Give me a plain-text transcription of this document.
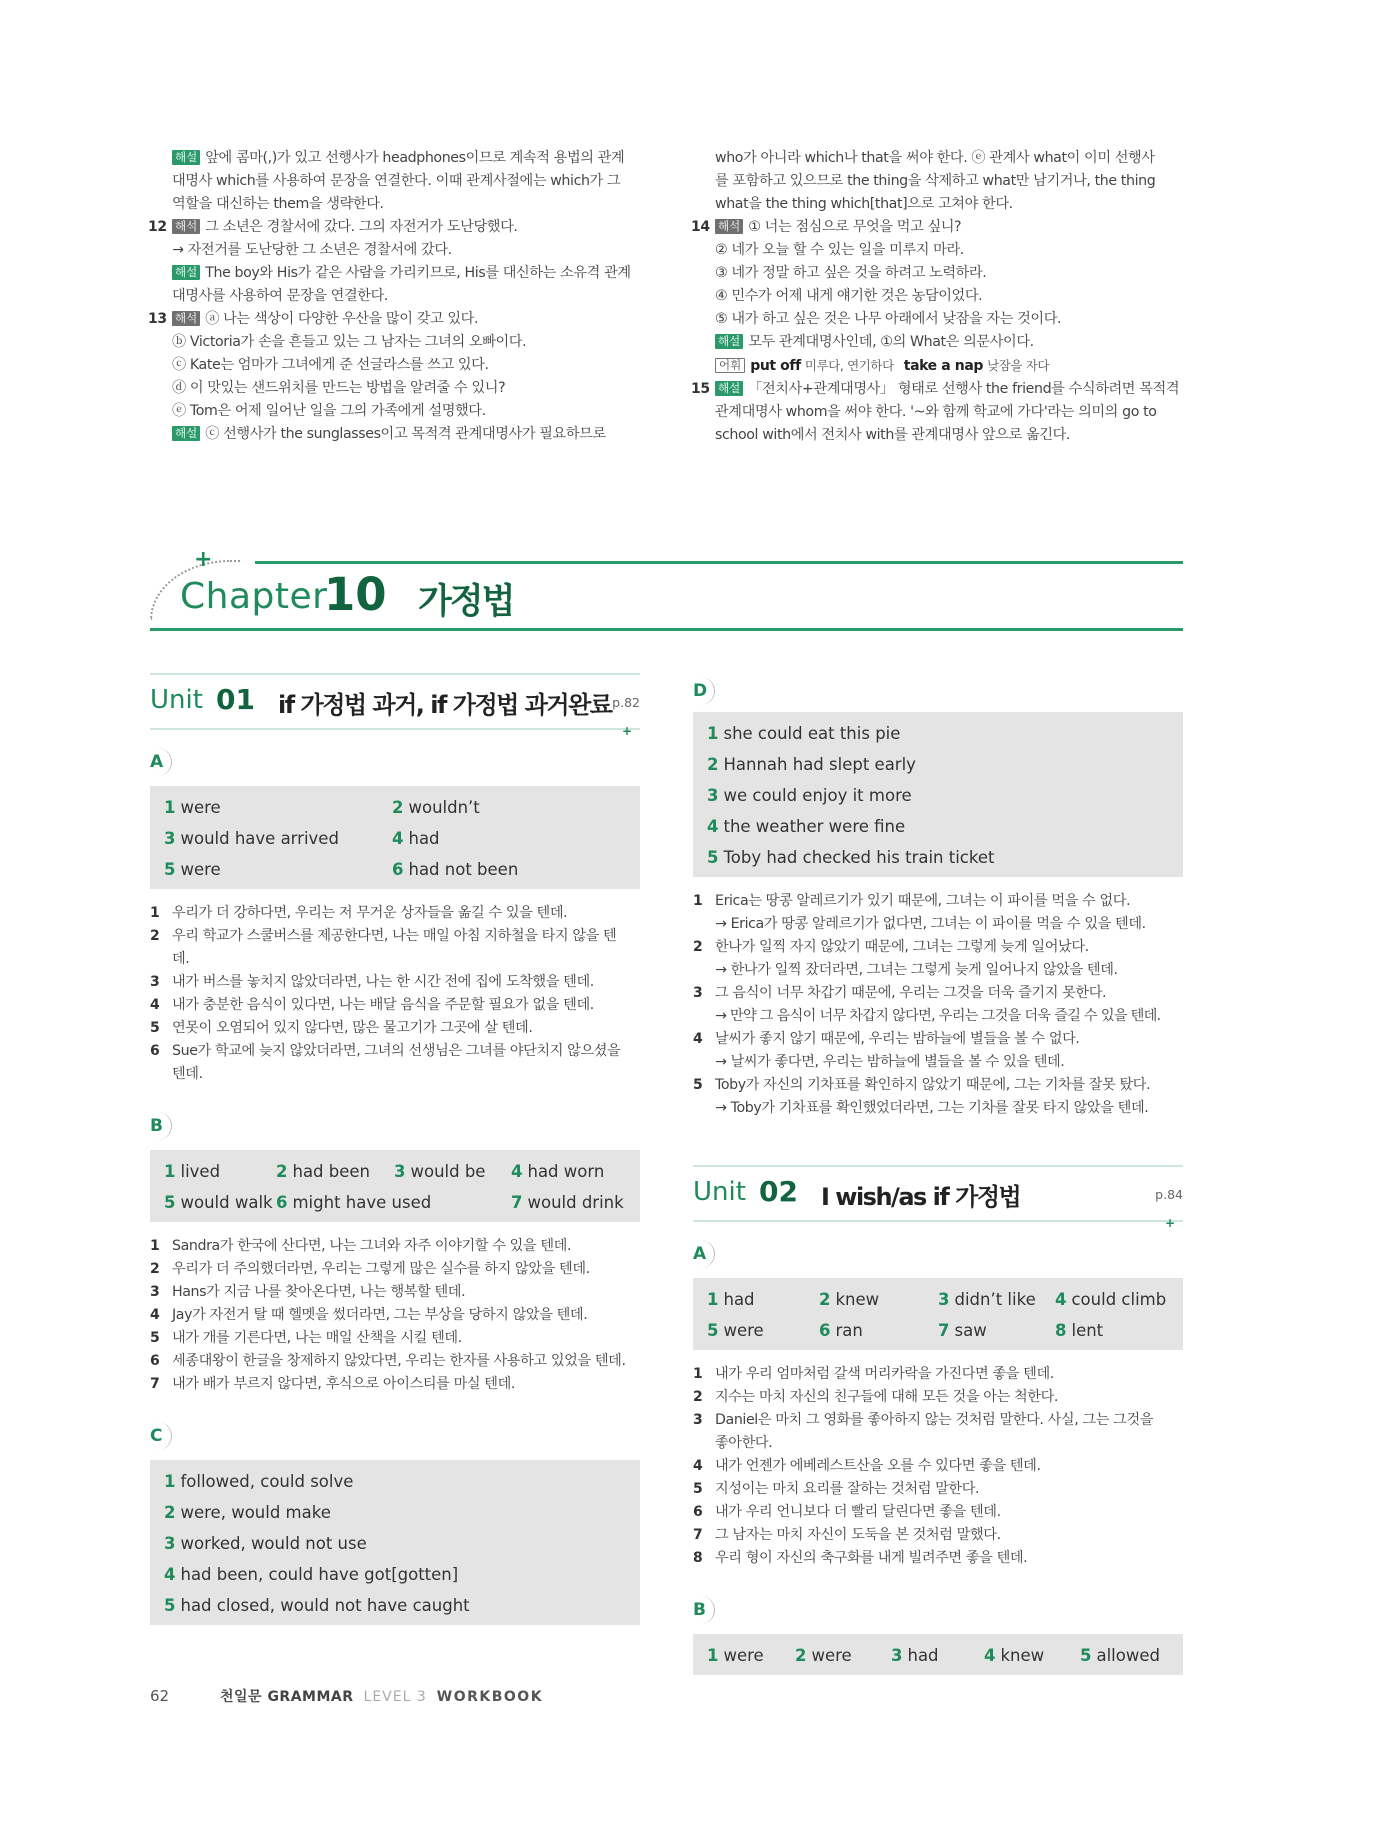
해설 앞에 콤마(,)가 있고 선행사가 headphones이므로 계속적 용법의 관계
대명사 which를 사용하여 문장을 연결한다. 이때 관계사절에는 which가 그
역할을 대신하는 them을 생략한다.
12 해석 그 소년은 경찰서에 갔다. 그의 자전거가 도난당했다.
→ 자전거를 도난당한 그 소년은 경찰서에 갔다.
해설 The boy와 His가 같은 사람을 가리키므로, His를 대신하는 소유격 관계
대명사를 사용하여 문장을 연결한다.
13 해석 ⓐ 나는 색상이 다양한 우산을 많이 갖고 있다.
ⓑ Victoria가 손을 흔들고 있는 그 남자는 그녀의 오빠이다.
ⓒ Kate는 엄마가 그녀에게 준 선글라스를 쓰고 있다.
ⓓ 이 맛있는 샌드위치를 만드는 방법을 알려줄 수 있니?
ⓔ Tom은 어제 일어난 일을 그의 가족에게 설명했다.
해설 ⓒ 선행사가 the sunglasses이고 목적격 관계대명사가 필요하므로
who가 아니라 which나 that을 써야 한다. ⓔ 관계사 what이 이미 선행사
를 포함하고 있으므로 the thing을 삭제하고 what만 남기거나, the thing
what을 the thing which[that]으로 고쳐야 한다.
14 해석 ① 너는 점심으로 무엇을 먹고 싶니?
② 네가 오늘 할 수 있는 일을 미루지 마라.
③ 네가 정말 하고 싶은 것을 하려고 노력하라.
④ 민수가 어제 내게 얘기한 것은 농담이었다.
⑤ 내가 하고 싶은 것은 나무 아래에서 낮잠을 자는 것이다.
해설 모두 관계대명사인데, ①의 What은 의문사이다.
어휘 put off 미루다, 연기하다 take a nap 낮잠을 자다
15 해설 「전치사+관계대명사」 형태로 선행사 the friend를 수식하려면 목적격
관계대명사 whom을 써야 한다. '~와 함께 학교에 가다'라는 의미의 go to
school with에서 전치사 with를 관계대명사 앞으로 옮긴다.
+
Chapter
10 가정법
Unit 01 if 가정법 과거, if 가정법 과거완료 p.82
+
A
1 were	2 wouldn’t
3 would have arrived	4 had
5 were	6 had not been
1 우리가 더 강하다면, 우리는 저 무거운 상자들을 옮길 수 있을 텐데.
2 우리 학교가 스쿨버스를 제공한다면, 나는 매일 아침 지하철을 타지 않을 텐
데.
3 내가 버스를 놓치지 않았더라면, 나는 한 시간 전에 집에 도착했을 텐데.
4 내가 충분한 음식이 있다면, 나는 배달 음식을 주문할 필요가 없을 텐데.
5 연못이 오염되어 있지 않다면, 많은 물고기가 그곳에 살 텐데.
6 Sue가 학교에 늦지 않았더라면, 그녀의 선생님은 그녀를 야단치지 않으셨을
텐데.
B
1 lived	2 had been	3 would be	4 had worn
5 would walk 6 might have used	7 would drink
1 Sandra가 한국에 산다면, 나는 그녀와 자주 이야기할 수 있을 텐데.
2 우리가 더 주의했더라면, 우리는 그렇게 많은 실수를 하지 않았을 텐데.
3 Hans가 지금 나를 찾아온다면, 나는 행복할 텐데.
4 Jay가 자전거 탈 때 헬멧을 썼더라면, 그는 부상을 당하지 않았을 텐데.
5 내가 개를 기른다면, 나는 매일 산책을 시킬 텐데.
6 세종대왕이 한글을 창제하지 않았다면, 우리는 한자를 사용하고 있었을 텐데.
7 내가 배가 부르지 않다면, 후식으로 아이스티를 마실 텐데.
C
1 followed, could solve
2 were, would make
3 worked, would not use
4 had been, could have got[gotten]
5 had closed, would not have caught
D
1 she could eat this pie
2 Hannah had slept early
3 we could enjoy it more
4 the weather were fine
5 Toby had checked his train ticket
1 Erica는 땅콩 알레르기가 있기 때문에, 그녀는 이 파이를 먹을 수 없다.
→ Erica가 땅콩 알레르기가 없다면, 그녀는 이 파이를 먹을 수 있을 텐데.
2 한나가 일찍 자지 않았기 때문에, 그녀는 그렇게 늦게 일어났다.
→ 한나가 일찍 잤더라면, 그녀는 그렇게 늦게 일어나지 않았을 텐데.
3 그 음식이 너무 차갑기 때문에, 우리는 그것을 더욱 즐기지 못한다.
→ 만약 그 음식이 너무 차갑지 않다면, 우리는 그것을 더욱 즐길 수 있을 텐데.
4 날씨가 좋지 않기 때문에, 우리는 밤하늘에 별들을 볼 수 없다.
→ 날씨가 좋다면, 우리는 밤하늘에 별들을 볼 수 있을 텐데.
5 Toby가 자신의 기차표를 확인하지 않았기 때문에, 그는 기차를 잘못 탔다.
→ Toby가 기차표를 확인했었더라면, 그는 기차를 잘못 타지 않았을 텐데.
Unit 02 I wish/as if 가정법	p.84
+
A
1 had	2 knew	3 didn’t like	4 could climb
5 were	6 ran	7 saw	8 lent
1 내가 우리 엄마처럼 갈색 머리카락을 가진다면 좋을 텐데.
2 지수는 마치 자신의 친구들에 대해 모든 것을 아는 척한다.
3 Daniel은 마치 그 영화를 좋아하지 않는 것처럼 말한다. 사실, 그는 그것을
좋아한다.
4 내가 언젠가 에베레스트산을 오를 수 있다면 좋을 텐데.
5 지성이는 마치 요리를 잘하는 것처럼 말한다.
6 내가 우리 언니보다 더 빨리 달린다면 좋을 텐데.
7 그 남자는 마치 자신이 도둑을 본 것처럼 말했다.
8 우리 형이 자신의 축구화를 내게 빌려주면 좋을 텐데.
B
1 were	2 were	3 had	4 knew	5 allowed
62	천일문 GRAMMAR LEVEL 3 WORKBOOK
